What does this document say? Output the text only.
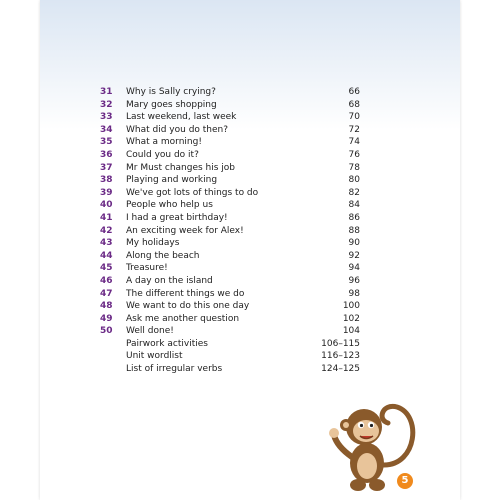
31	Why is Sally crying?	66
32	Mary goes shopping	68
33	Last weekend, last week	70
34	What did you do then?	72
35	What a morning!	74
36	Could you do it?	76
37	Mr Must changes his job	78
38	Playing and working	80
39	We've got lots of things to do	82
40	People who help us	84
41	I had a great birthday!	86
42	An exciting week for Alex!	88
43	My holidays	90
44	Along the beach	92
45	Treasure!	94
46	A day on the island	96
47	The different things we do	98
48	We want to do this one day	100
49	Ask me another question	102
50	Well done!	104
Pairwork activities	106–115
Unit wordlist	116–123
List of irregular verbs	124–125
5
